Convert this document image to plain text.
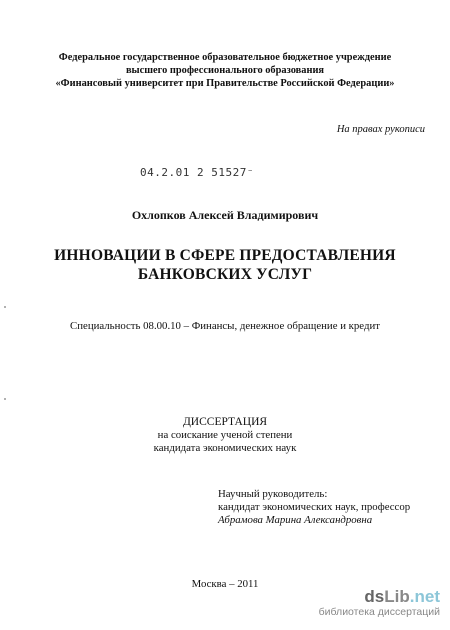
Федеральное государственное образовательное бюджетное учреждение
высшего профессионального образования
«Финансовый университет при Правительстве Российской Федерации»
На правах рукописи
04.2.01 2 51527⁻
Охлопков Алексей Владимирович
ИННОВАЦИИ В СФЕРЕ ПРЕДОСТАВЛЕНИЯ
БАНКОВСКИХ УСЛУГ
Специальность 08.00.10 – Финансы, денежное обращение и кредит
ДИССЕРТАЦИЯ
на соискание ученой степени
кандидата экономических наук
Научный руководитель:
кандидат экономических наук, профессор
Абрамова Марина Александровна
Москва – 2011
dsLib.net
библиотека диссертаций
